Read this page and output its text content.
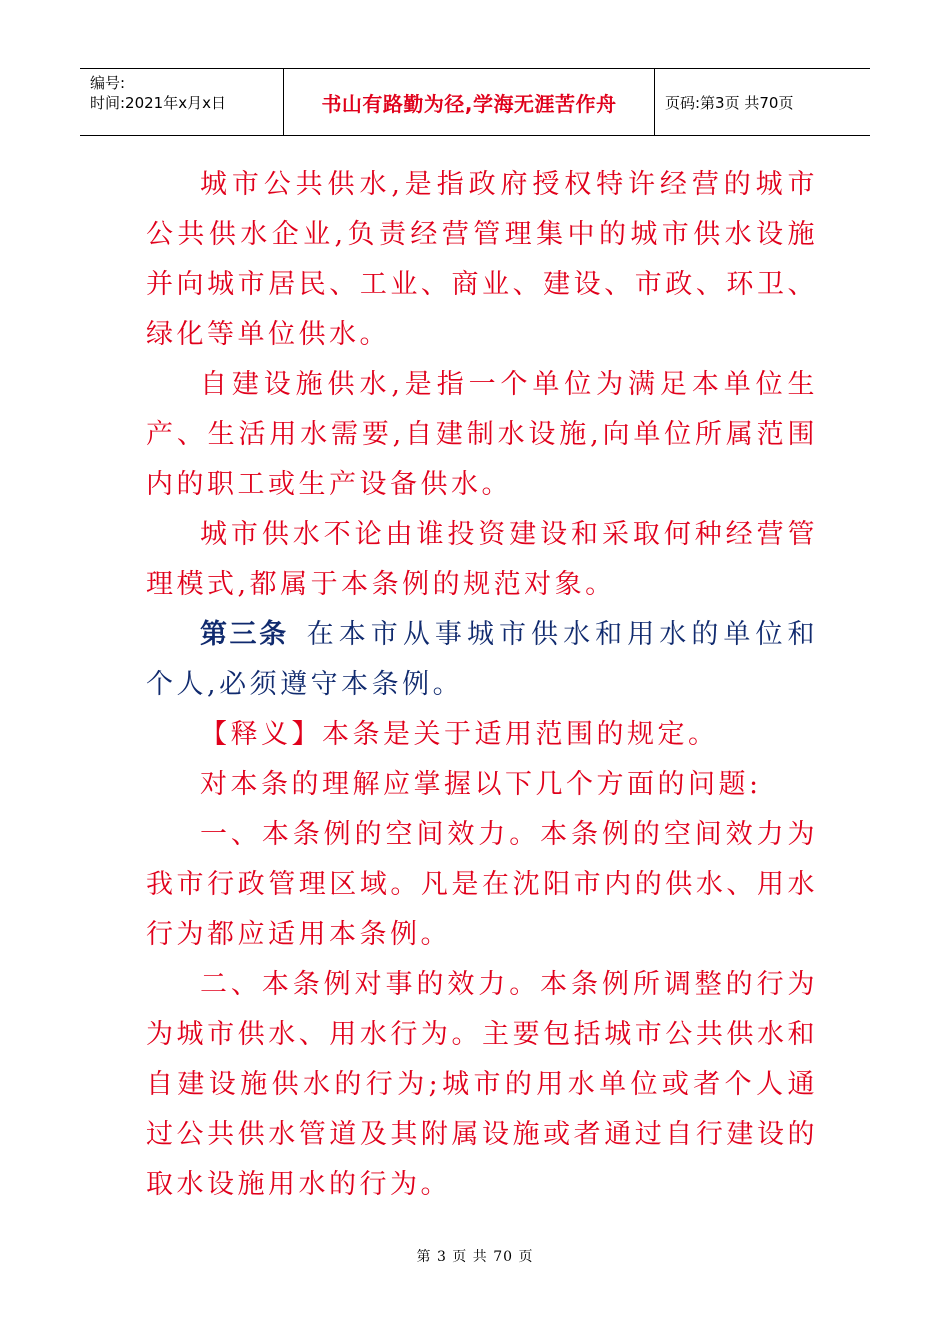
编号:
时间:2021年x月x日	书山有路勤为径,学海无涯苦作舟	页码:第3页 共70页

城市公共供水,是指政府授权特许经营的城市公共供水企业,负责经营管理集中的城市供水设施并向城市居民、工业、商业、建设、市政、环卫、绿化等单位供水。

自建设施供水,是指一个单位为满足本单位生产、生活用水需要,自建制水设施,向单位所属范围内的职工或生产设备供水。

城市供水不论由谁投资建设和采取何种经营管理模式,都属于本条例的规范对象。

第三条 在本市从事城市供水和用水的单位和个人,必须遵守本条例。

【释义】本条是关于适用范围的规定。

对本条的理解应掌握以下几个方面的问题:

一、本条例的空间效力。本条例的空间效力为我市行政管理区域。凡是在沈阳市内的供水、用水行为都应适用本条例。

二、本条例对事的效力。本条例所调整的行为为城市供水、用水行为。主要包括城市公共供水和自建设施供水的行为;城市的用水单位或者个人通过公共供水管道及其附属设施或者通过自行建设的取水设施用水的行为。

第 3 页 共 70 页
